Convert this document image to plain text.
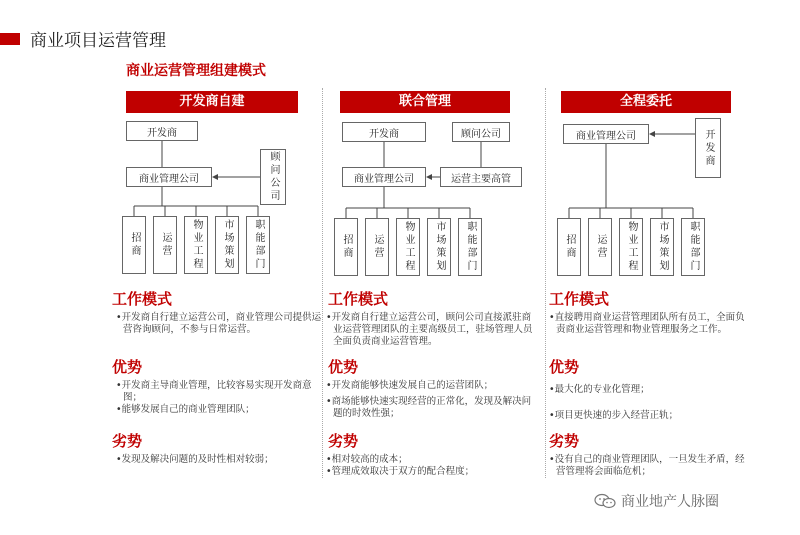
商业项目运营管理
商业运营管理组建模式
开发商自建
开发商
商业管理公司	顾问公司
招商	运营	物业工程	市场策划	职能部门
工作模式
•开发商自行建立运营公司，商业管理公司提供运营咨询顾问，不参与日常运营。
优势
•开发商主导商业管理，比较容易实现开发商意图；
•能够发展自己的商业管理团队；
劣势
•发现及解决问题的及时性相对较弱；
联合管理
开发商	顾问公司
商业管理公司	运营主要高管
招商	运营	物业工程	市场策划	职能部门
工作模式
•开发商自行建立运营公司，顾问公司直接派驻商业运营管理团队的主要高级员工，驻场管理人员全面负责商业运营管理。
优势
•开发商能够快速发展自己的运营团队；
•商场能够快速实现经营的正常化，发现及解决问题的时效性强；
劣势
•相对较高的成本；
•管理成效取决于双方的配合程度；
全程委托
商业管理公司	开发商
招商	运营	物业工程	市场策划	职能部门
工作模式
•直接聘用商业运营管理团队所有员工，全面负责商业运营管理和物业管理服务之工作。
优势
•最大化的专业化管理；
•项目更快速的步入经营正轨；
劣势
•没有自己的商业管理团队，一旦发生矛盾，经营管理将会面临危机；
商业地产人脉圈
